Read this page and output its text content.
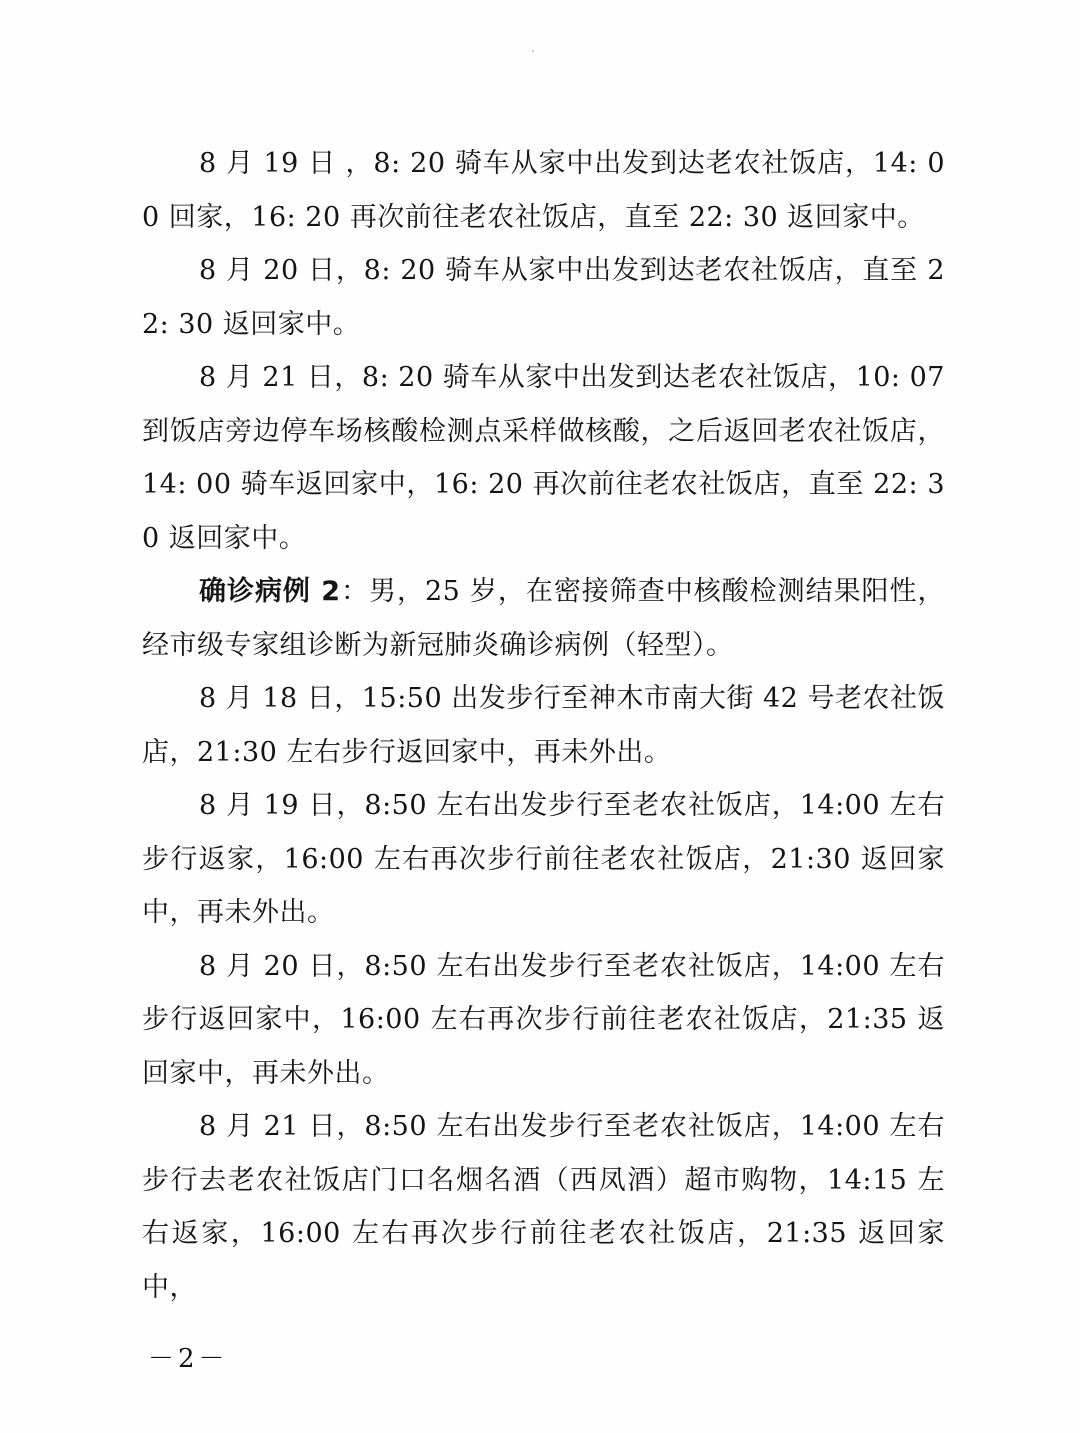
8 月 19 日 ，8: 20 骑车从家中出发到达老农社饭店，14: 00 回家，16: 20 再次前往老农社饭店，直至 22: 30 返回家中。

8 月 20 日，8: 20 骑车从家中出发到达老农社饭店，直至 22: 30 返回家中。

8 月 21 日，8: 20 骑车从家中出发到达老农社饭店，10: 07 到饭店旁边停车场核酸检测点采样做核酸，之后返回老农社饭店，14: 00 骑车返回家中，16: 20 再次前往老农社饭店，直至 22: 30 返回家中。

确诊病例 2：男，25 岁，在密接筛查中核酸检测结果阳性，经市级专家组诊断为新冠肺炎确诊病例（轻型）。

8 月 18 日，15:50 出发步行至神木市南大街 42 号老农社饭店，21:30 左右步行返回家中，再未外出。

8 月 19 日，8:50 左右出发步行至老农社饭店，14:00 左右步行返家，16:00 左右再次步行前往老农社饭店，21:30 返回家中，再未外出。

8 月 20 日，8:50 左右出发步行至老农社饭店，14:00 左右步行返回家中，16:00 左右再次步行前往老农社饭店，21:35 返回家中，再未外出。

8 月 21 日，8:50 左右出发步行至老农社饭店，14:00 左右步行去老农社饭店门口名烟名酒（西凤酒）超市购物，14:15 左右返家，16:00 左右再次步行前往老农社饭店，21:35 返回家中，

－2－
